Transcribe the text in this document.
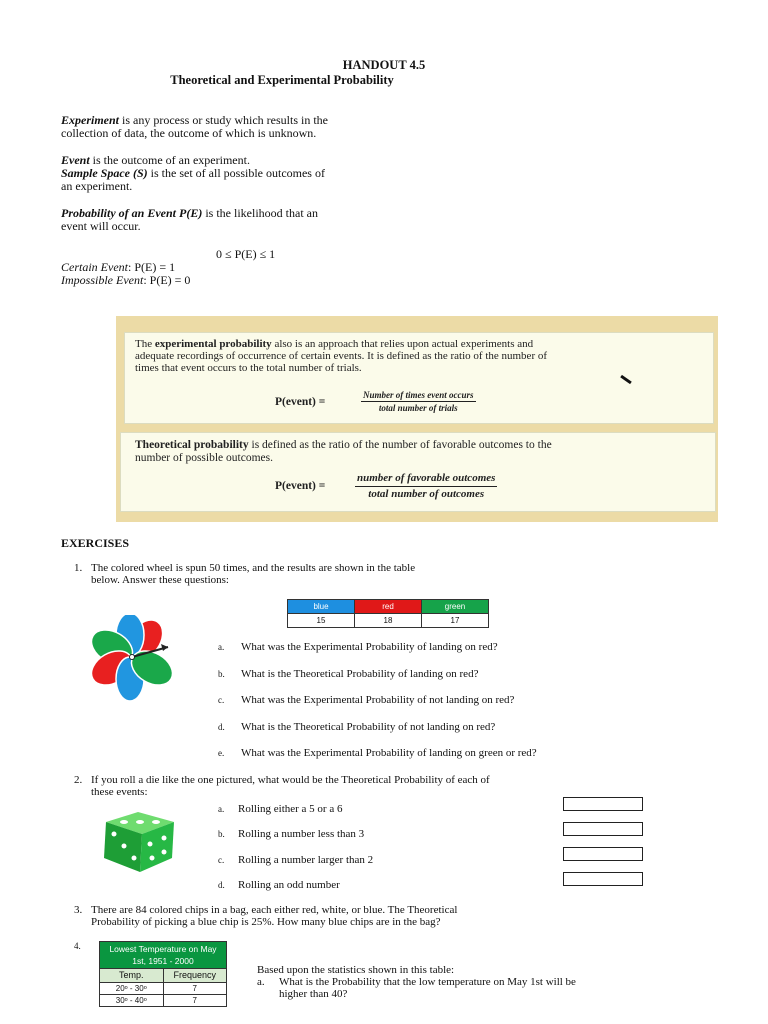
HANDOUT 4.5
Theoretical and Experimental Probability
Experiment is any process or study which results in the
collection of data, the outcome of which is unknown.
Event is the outcome of an experiment.
Sample Space (S) is the set of all possible outcomes of
an experiment.
Probability of an Event P(E) is the likelihood that an
event will occur.
0 ≤ P(E) ≤ 1
Certain Event: P(E) = 1
Impossible Event: P(E) = 0
The experimental probability also is an approach that relies upon actual experiments and
adequate recordings of occurrence of certain events. It is defined as the ratio of the number of
times that event occurs to the total number of trials.
P(event) =
Number of times event occurs
total number of trials
Theoretical probability is defined as the ratio of the number of favorable outcomes to the
number of possible outcomes.
P(event) =
number of favorable outcomes
total number of outcomes
EXERCISES
1. The colored wheel is spun 50 times, and the results are shown in the table
below. Answer these questions:
blue	red	green
15	18	17
a. What was the Experimental Probability of landing on red?
b. What is the Theoretical Probability of landing on red?
c. What was the Experimental Probability of not landing on red?
d. What is the Theoretical Probability of not landing on red?
e. What was the Experimental Probability of landing on green or red?
2. If you roll a die like the one pictured, what would be the Theoretical Probability of each of
these events:
a. Rolling either a 5 or a 6
b. Rolling a number less than 3
c. Rolling a number larger than 2
d. Rolling an odd number
3. There are 84 colored chips in a bag, each either red, white, or blue. The Theoretical
Probability of picking a blue chip is 25%. How many blue chips are in the bag?
4.	Lowest Temperature on May 1st, 1951 - 2000
Temp.	Frequency
20ᵒ - 30ᵒ	7
30ᵒ - 40ᵒ	7
Based upon the statistics shown in this table:
a. What is the Probability that the low temperature on May 1st will be
higher than 40?
